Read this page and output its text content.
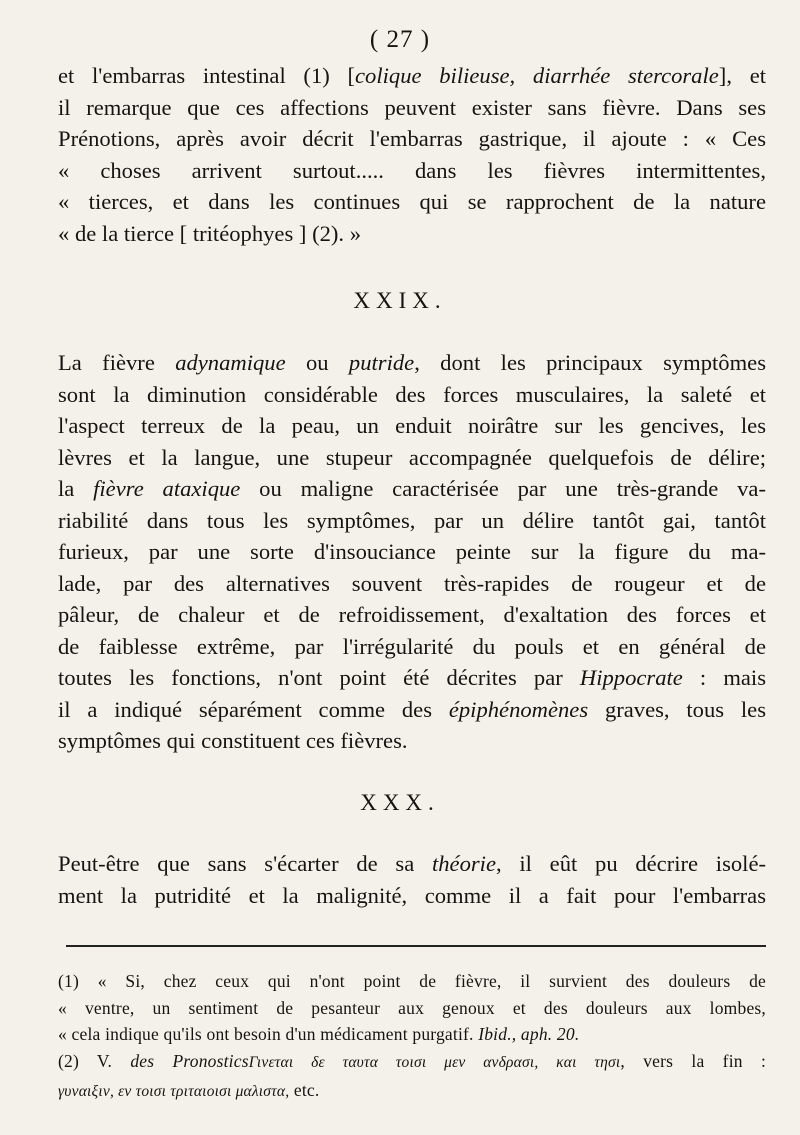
( 27 )
et l'embarras intestinal (1) [colique bilieuse, diarrhée stercorale], et
il remarque que ces affections peuvent exister sans fièvre. Dans ses
Prénotions, après avoir décrit l'embarras gastrique, il ajoute : « Ces
« choses arrivent surtout..... dans les fièvres intermittentes,
« tierces, et dans les continues qui se rapprochent de la nature
« de la tierce [ tritéophyes ] (2). »
XXIX.
La fièvre adynamique ou putride, dont les principaux symptômes
sont la diminution considérable des forces musculaires, la saleté et
l'aspect terreux de la peau, un enduit noirâtre sur les gencives, les
lèvres et la langue, une stupeur accompagnée quelquefois de délire;
la fièvre ataxique ou maligne caractérisée par une très-grande va-
riabilité dans tous les symptômes, par un délire tantôt gai, tantôt
furieux, par une sorte d'insouciance peinte sur la figure du ma-
lade, par des alternatives souvent très-rapides de rougeur et de
pâleur, de chaleur et de refroidissement, d'exaltation des forces et
de faiblesse extrême, par l'irrégularité du pouls et en général de
toutes les fonctions, n'ont point été décrites par Hippocrate : mais
il a indiqué séparément comme des épiphénomènes graves, tous les
symptômes qui constituent ces fièvres.
XXX.
Peut-être que sans s'écarter de sa théorie, il eût pu décrire isolé-
ment la putridité et la malignité, comme il a fait pour l'embarras
(1) « Si, chez ceux qui n'ont point de fièvre, il survient des douleurs de
« ventre, un sentiment de pesanteur aux genoux et des douleurs aux lombes,
« cela indique qu'ils ont besoin d'un médicament purgatif. Ibid., aph. 20.
(2) V. des PronosticsΓινεται δε ταυτα τοισι μεν ανδρασι, και τησι, vers la fin :
γυναιξιν, εν τοισι τριταιοισι μαλιστα, etc.
